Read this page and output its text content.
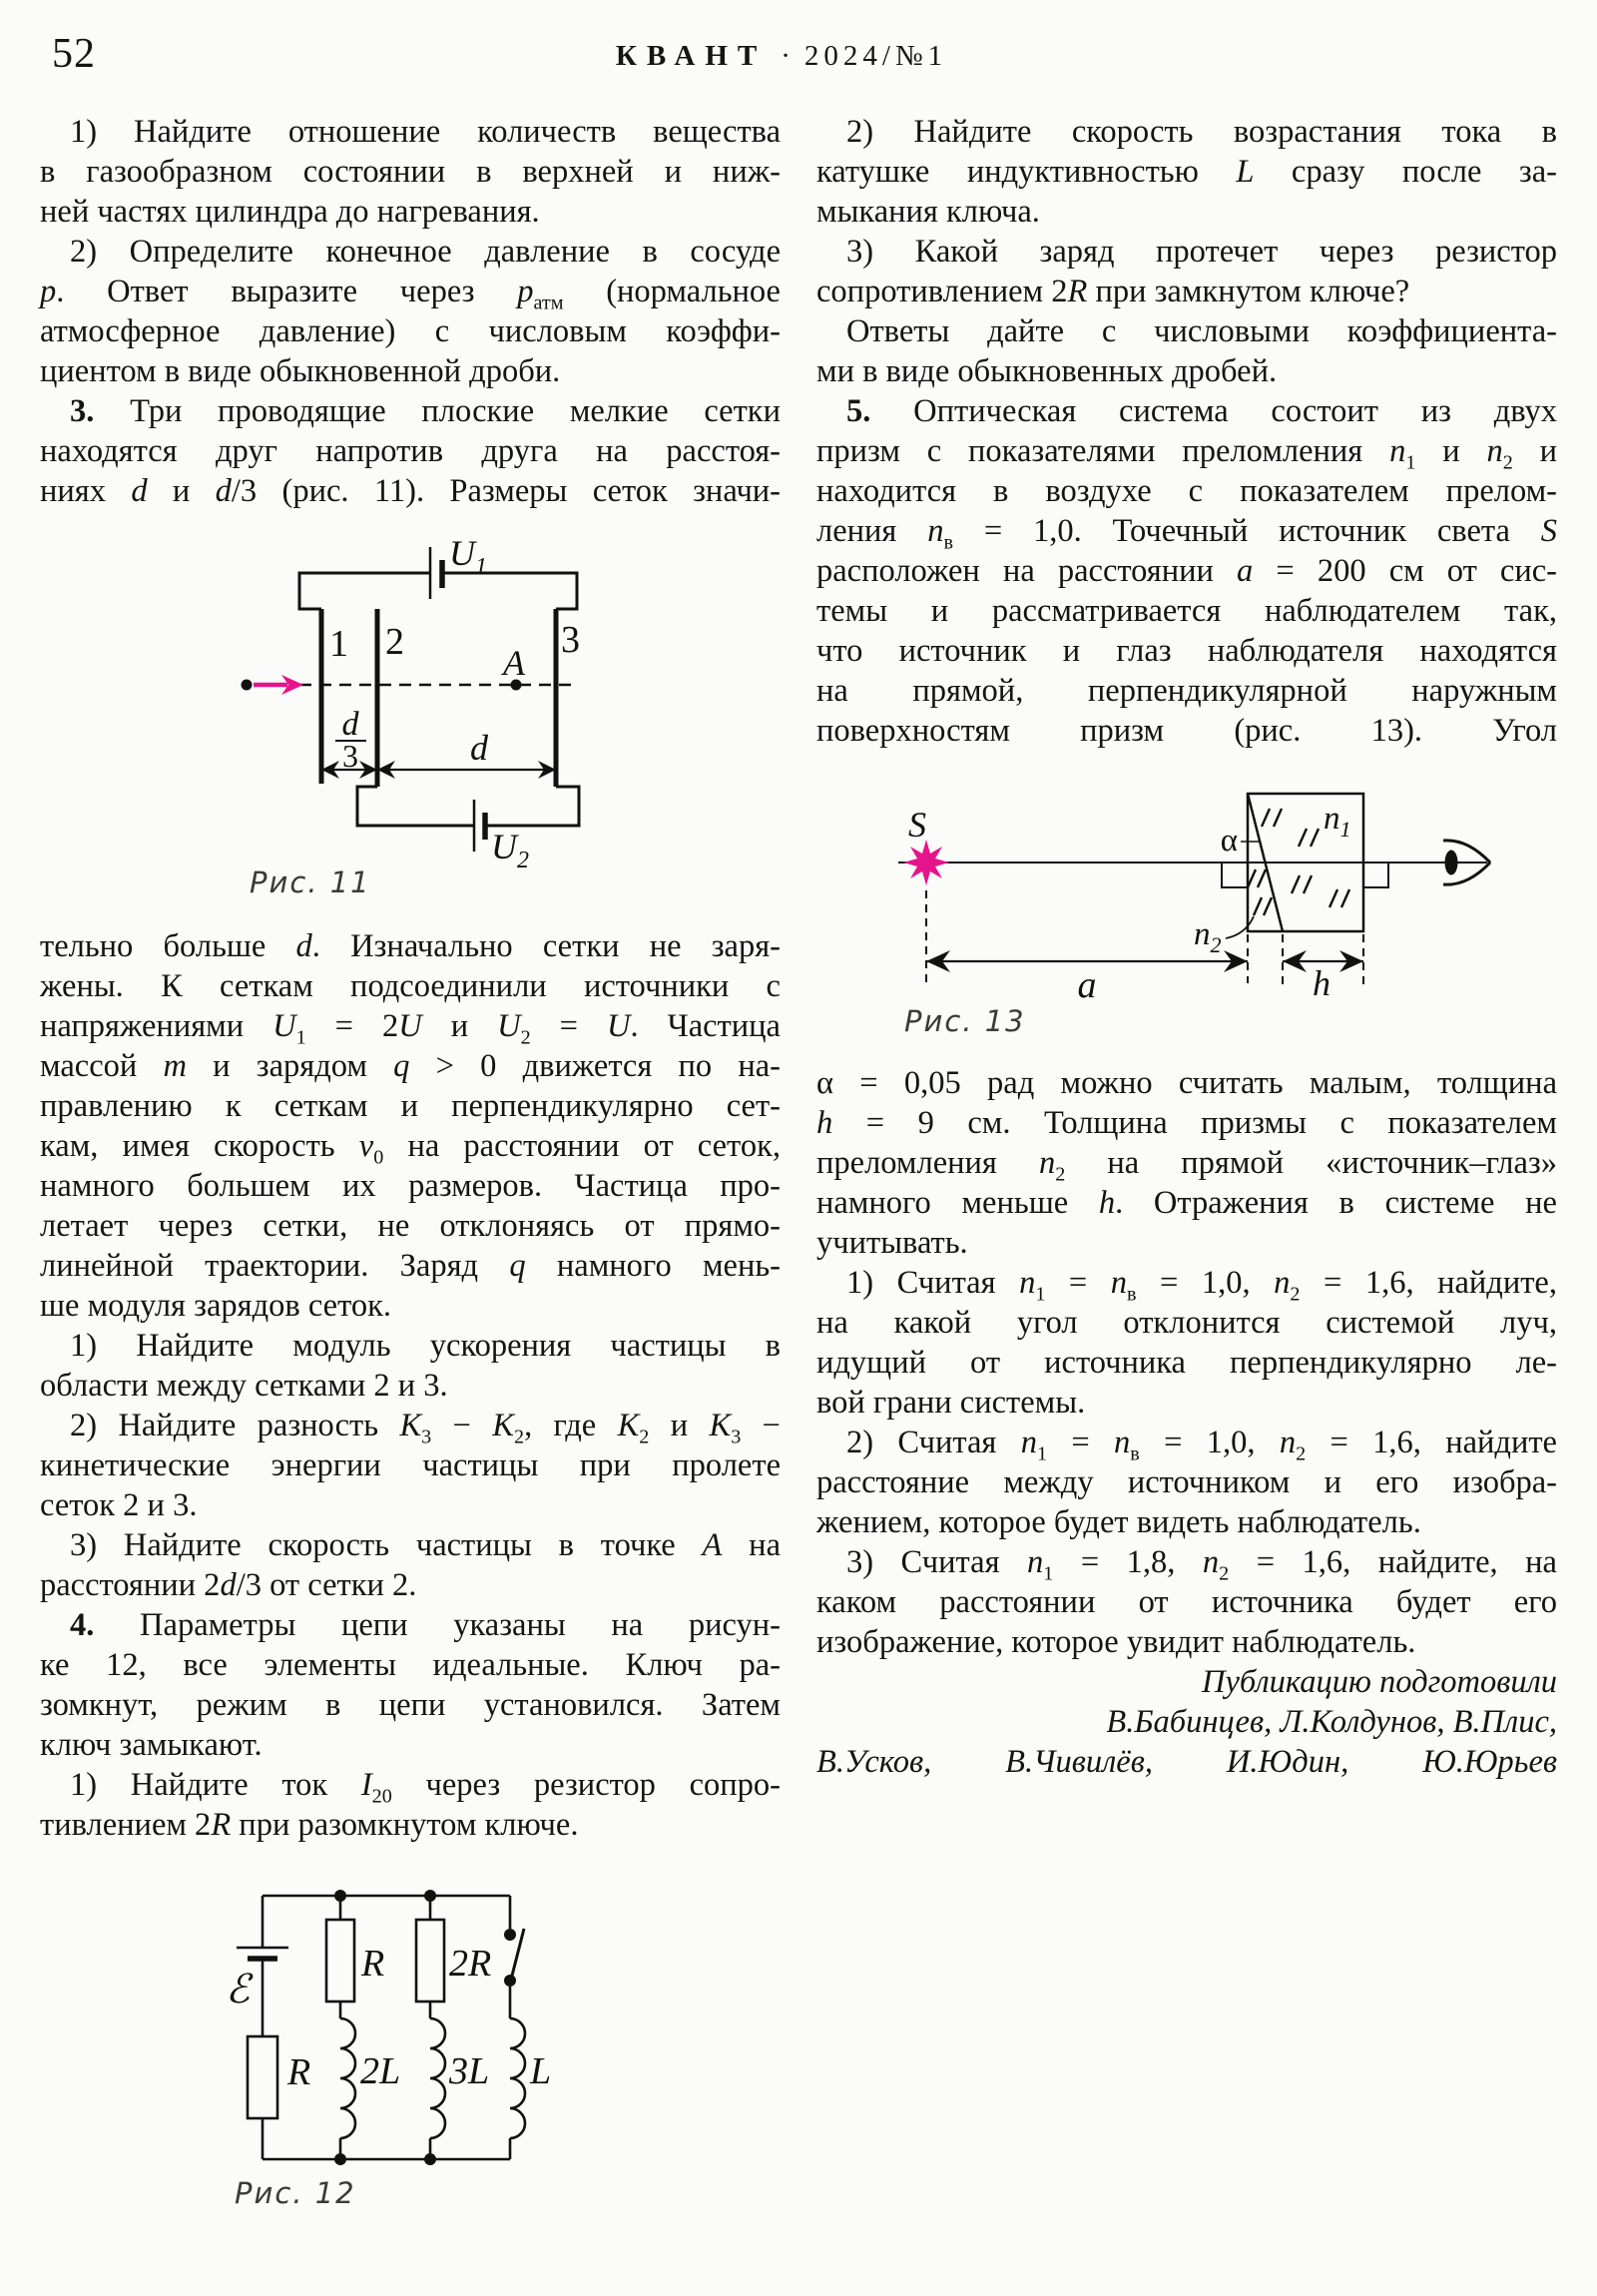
52	КВАНТ · 2024/№1
1) Найдите отношение количеств вещества
в газообразном состоянии в верхней и ниж-
ней частях цилиндра до нагревания.
2) Определите конечное давление в сосуде
p. Ответ выразите через $p_{атм}$ (нормальное
атмосферное давление) с числовым коэффи-
циентом в виде обыкновенной дроби.
3. Три проводящие плоские мелкие сетки
находятся друг напротив друга на расстоя-
ниях d и d/3 (рис. 11). Размеры сеток значи-
тельно больше d. Изначально сетки не заря-
жены. К сеткам подсоединили источники с
напряжениями $U_1 = 2U$ и $U_2 = U$. Частица
массой m и зарядом q > 0 движется по на-
правлению к сеткам и перпендикулярно сет-
кам, имея скорость $v_0$ на расстоянии от сеток,
намного большем их размеров. Частица про-
летает через сетки, не отклоняясь от прямо-
линейной траектории. Заряд q намного мень-
ше модуля зарядов сеток.
1) Найдите модуль ускорения частицы в
области между сетками 2 и 3.
2) Найдите разность $K_3 - K_2$, где $K_2$ и $K_3$ −
кинетические энергии частицы при пролете
сеток 2 и 3.
3) Найдите скорость частицы в точке A на
расстоянии 2d/3 от сетки 2.
4. Параметры цепи указаны на рисун-
ке 12, все элементы идеальные. Ключ ра-
зомкнут, режим в цепи установился. Затем
ключ замыкают.
1) Найдите ток $I_{20}$ через резистор сопро-
тивлением 2R при разомкнутом ключе.
2) Найдите скорость возрастания тока в
катушке индуктивностью L сразу после за-
мыкания ключа.
3) Какой заряд протечет через резистор
сопротивлением 2R при замкнутом ключе?
Ответы дайте с числовыми коэффициента-
ми в виде обыкновенных дробей.
5. Оптическая система состоит из двух
призм с показателями преломления $n_1$ и $n_2$ и
находится в воздухе с показателем прелом-
ления $n_в = 1,0$. Точечный источник света S
расположен на расстоянии a = 200 см от сис-
темы и рассматривается наблюдателем так,
что источник и глаз наблюдателя находятся
на прямой, перпендикулярной наружным
поверхностям призм (рис. 13). Угол
α = 0,05 рад можно считать малым, толщина
h = 9 см. Толщина призмы с показателем
преломления $n_2$ на прямой «источник–глаз»
намного меньше h. Отражения в системе не
учитывать.
1) Считая $n_1 = n_в = 1,0$, $n_2 = 1,6$, найдите,
на какой угол отклонится системой луч,
идущий от источника перпендикулярно ле-
вой грани системы.
2) Считая $n_1 = n_в = 1,0$, $n_2 = 1,6$, найдите
расстояние между источником и его изобра-
жением, которое будет видеть наблюдатель.
3) Считая $n_1 = 1,8$, $n_2 = 1,6$, найдите, на
каком расстоянии от источника будет его
изображение, которое увидит наблюдатель.
Публикацию подготовили
В.Бабинцев, Л.Колдунов, В.Плис,
В.Усков, В.Чивилёв, И.Юдин, Ю.Юрьев
$U_1$
$U_2$
1 2	3
A
d
3	d
Рис. 11
ℰ
R
R 2R
2L 3L L
Рис. 12
S	α
$n_1$
$n_2$
a	h
Рис. 13
